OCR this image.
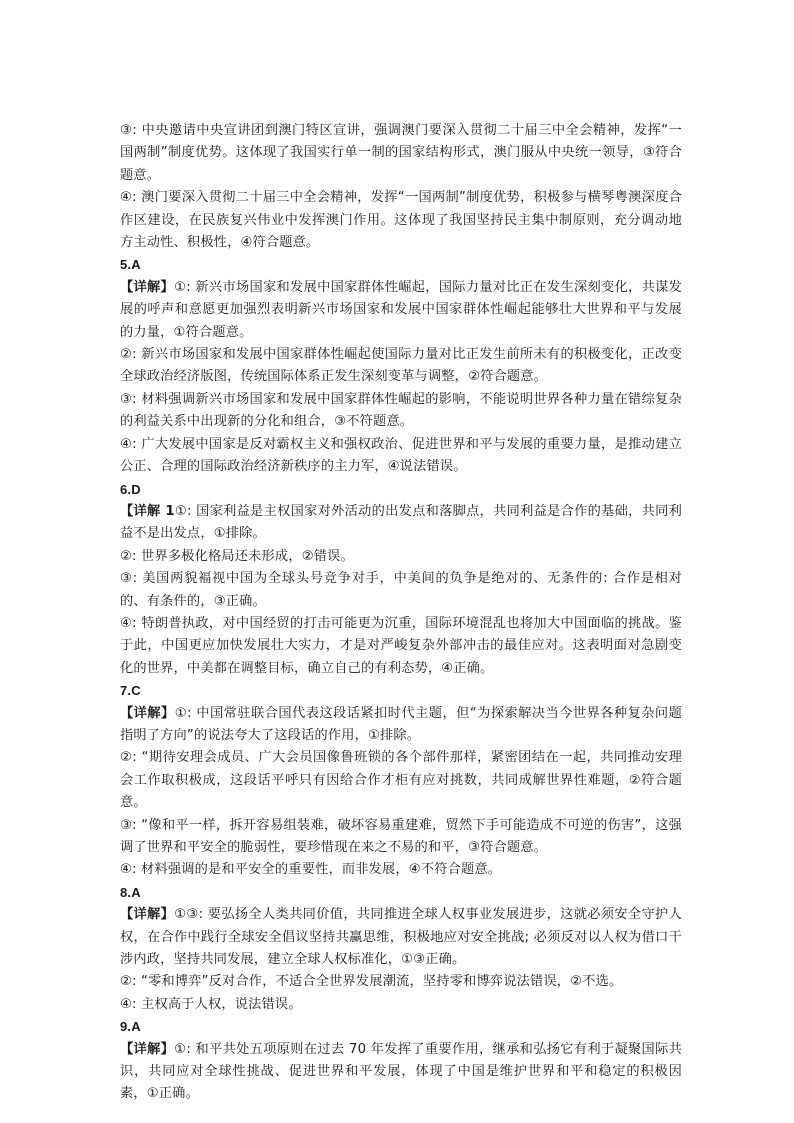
③: 中央邀请中央宣讲团到澳门特区宣讲，强调澳门要深入贯彻二十届三中全会精神，发挥“一国两制”制度优势。这体现了我国实行单一制的国家结构形式，澳门服从中央统一领导，③符合题意。

④: 澳门要深入贯彻二十届三中全会精神，发挥“一国两制”制度优势，积极参与横琴粤澳深度合作区建设，在民族复兴伟业中发挥澳门作用。这体现了我国坚持民主集中制原则，充分调动地方主动性、积极性，④符合题意。

5.A

【详解】①: 新兴市场国家和发展中国家群体性崛起，国际力量对比正在发生深刻变化，共谋发展的呼声和意愿更加强烈表明新兴市场国家和发展中国家群体性崛起能够壮大世界和平与发展的力量，①符合题意。

②: 新兴市场国家和发展中国家群体性崛起使国际力量对比正发生前所未有的积极变化，正改变全球政治经济版图，传统国际体系正发生深刻变革与调整，②符合题意。

③: 材料强调新兴市场国家和发展中国家群体性崛起的影响，不能说明世界各种力量在错综复杂的利益关系中出现新的分化和组合，③不符题意。

④: 广大发展中国家是反对霸权主义和强权政治、促进世界和平与发展的重要力量，是推动建立公正、合理的国际政治经济新秩序的主力军，④说法错误。

6.D

【详解 1①: 国家利益是主权国家对外活动的出发点和落脚点，共同利益是合作的基础，共同利益不是出发点，①排除。

②: 世界多极化格局还未形成，②错误。

③: 美国两貌褔视中国为全球头号竞争对手，中美间的负争是绝对的、无条件的: 合作是相对的、有条件的，③正确。

④: 特朗普执政，对中国经贸的打击可能更为沉重，国际环境混乱也将加大中国面临的挑战。鉴于此，中国更应加快发展壮大实力，才是对严峻复杂外部冲击的最佳应对。这表明面对急剧变化的世界，中美都在调整目标，确立自己的有利态势，④正确。

7.C

【详解】①: 中国常驻联合国代表这段话紧扣时代主题，但“为探索解决当今世界各种复杂问题指明了方向”的说法夸大了这段话的作用，①排除。

②: “期待安理会成员、广大会员国像鲁班锁的各个部件那样，紧密团结在一起，共同推动安理会工作取积极成，这段话平呼只有因给合作才柜有应对挑数，共同成解世界性难题，②符合题意。

③: “像和平一样，拆开容易组装难，破坏容易重建难，贸然下手可能造成不可逆的伤害”，这强调了世界和平安全的脆弱性，要珍惜现在来之不易的和平，③符合题意。

④: 材料强调的是和平安全的重要性，而非发展，④不符合题意。

8.A

【详解】①③: 要弘扬全人类共同价值，共同推进全球人权事业发展进步，这就必须安全守护人权，在合作中践行全球安全倡议坚持共赢思维，积极地应对安全挑战; 必须反对以人权为借口干涉内政，坚持共同发展，建立全球人权标准化，①③正确。

②: “零和博弈”反对合作，不适合全世界发展潮流，坚持零和博弈说法错误，②不选。

④: 主权高于人权，说法错误。

9.A

【详解】①: 和平共处五项原则在过去 70 年发挥了重要作用，继承和弘扬它有利于凝聚国际共识，共同应对全球性挑战、促进世界和平发展，体现了中国是维护世界和平和稳定的积极因素，①正确。
